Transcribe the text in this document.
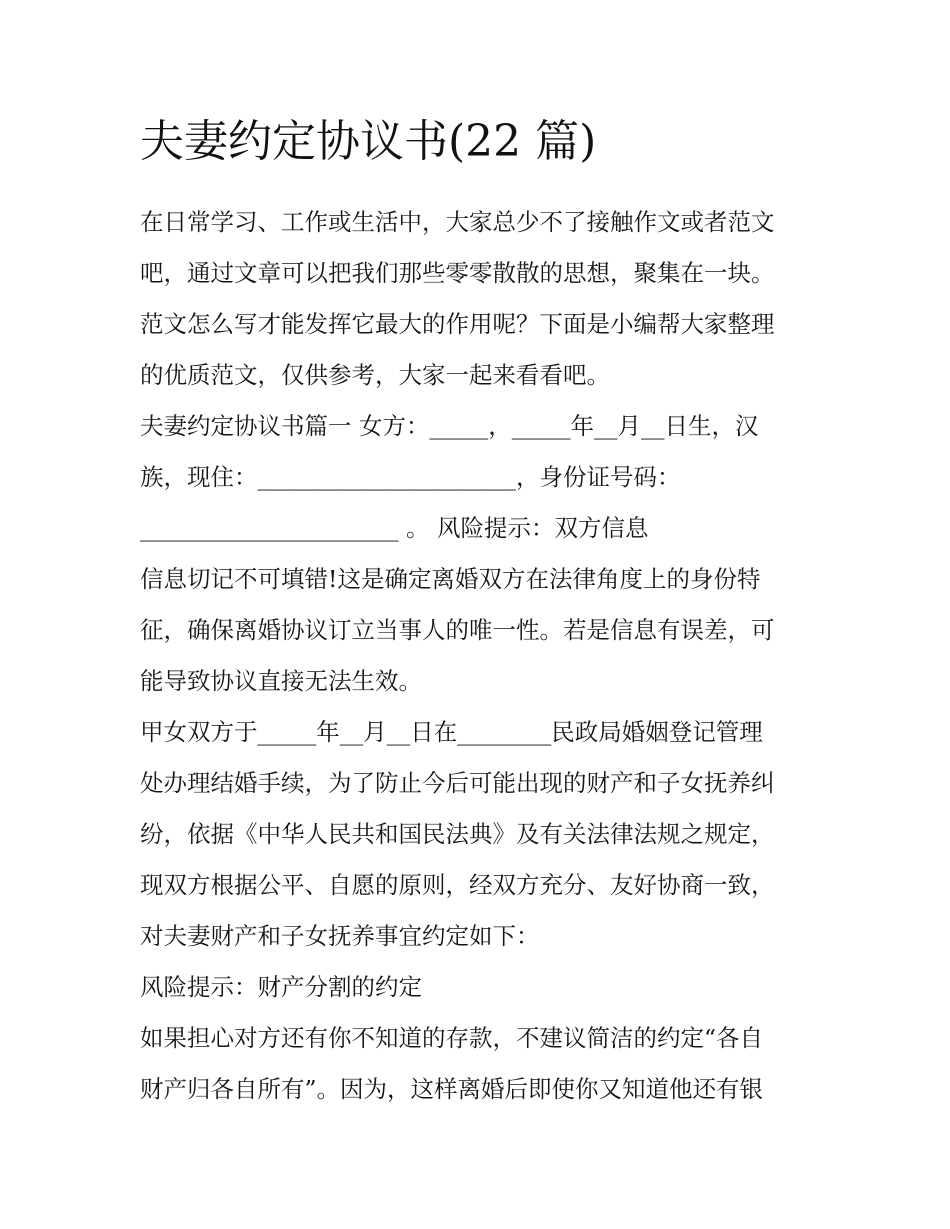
夫妻约定协议书(22 篇)
在日常学习、工作或生活中，大家总少不了接触作文或者范文
吧，通过文章可以把我们那些零零散散的思想，聚集在一块。
范文怎么写才能发挥它最大的作用呢？下面是小编帮大家整理
的优质范文，仅供参考，大家一起来看看吧。
夫妻约定协议书篇一 女方：_____，_____年__月__日生，汉
族，现住：______________________，身份证号码：
______________________ 。 风险提示：双方信息
信息切记不可填错!这是确定离婚双方在法律角度上的身份特
征，确保离婚协议订立当事人的唯一性。若是信息有误差，可
能导致协议直接无法生效。
甲女双方于_____年__月__日在________民政局婚姻登记管理
处办理结婚手续，为了防止今后可能出现的财产和子女抚养纠
纷，依据《中华人民共和国民法典》及有关法律法规之规定，
现双方根据公平、自愿的原则，经双方充分、友好协商一致，
对夫妻财产和子女抚养事宜约定如下：
风险提示：财产分割的约定
如果担心对方还有你不知道的存款，不建议简洁的约定“各自
财产归各自所有”。因为，这样离婚后即使你又知道他还有银
